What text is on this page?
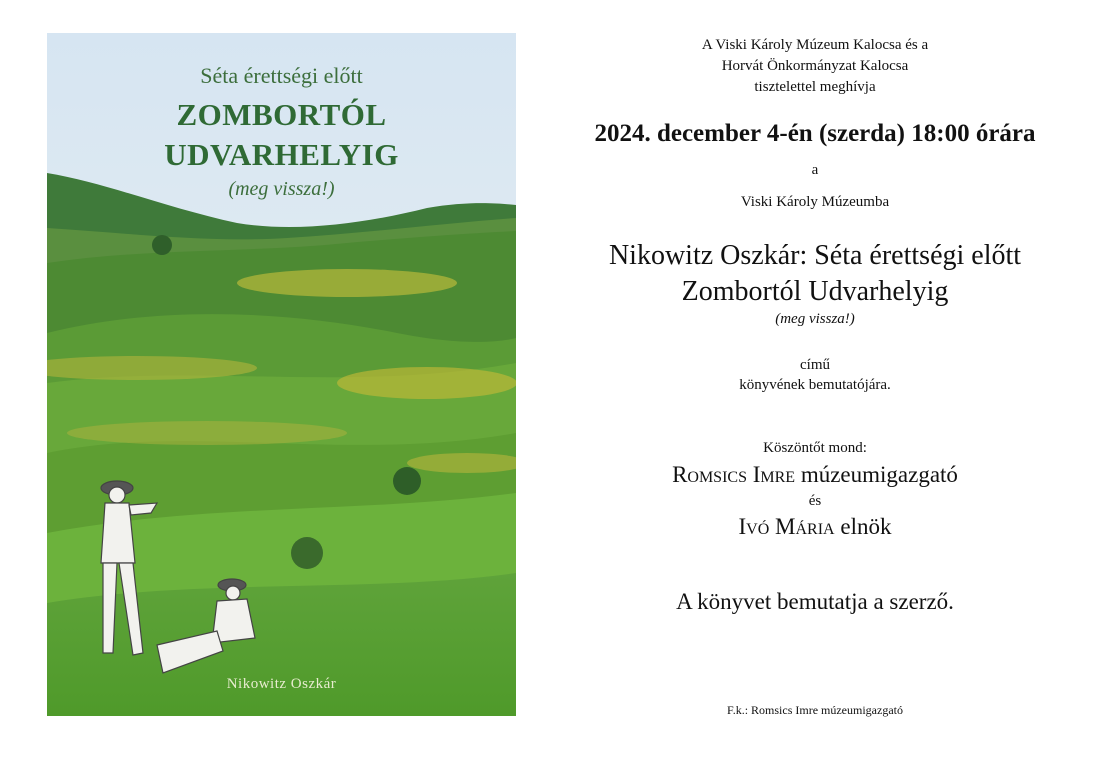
Séta érettségi előtt
ZOMBORTÓL
UDVARHELYIG
(meg vissza!)
Nikowitz Oszkár
A Viski Károly Múzeum Kalocsa és a
Horvát Önkormányzat Kalocsa
tisztelettel meghívja
2024. december 4-én (szerda) 18:00 órára
a
Viski Károly Múzeumba
Nikowitz Oszkár: Séta érettségi előtt
Zombortól Udvarhelyig
(meg vissza!)
című
könyvének bemutatójára.
Köszöntőt mond:
Romsics Imre múzeumigazgató
és
Ivó Mária elnök
A könyvet bemutatja a szerző.
F.k.: Romsics Imre múzeumigazgató
